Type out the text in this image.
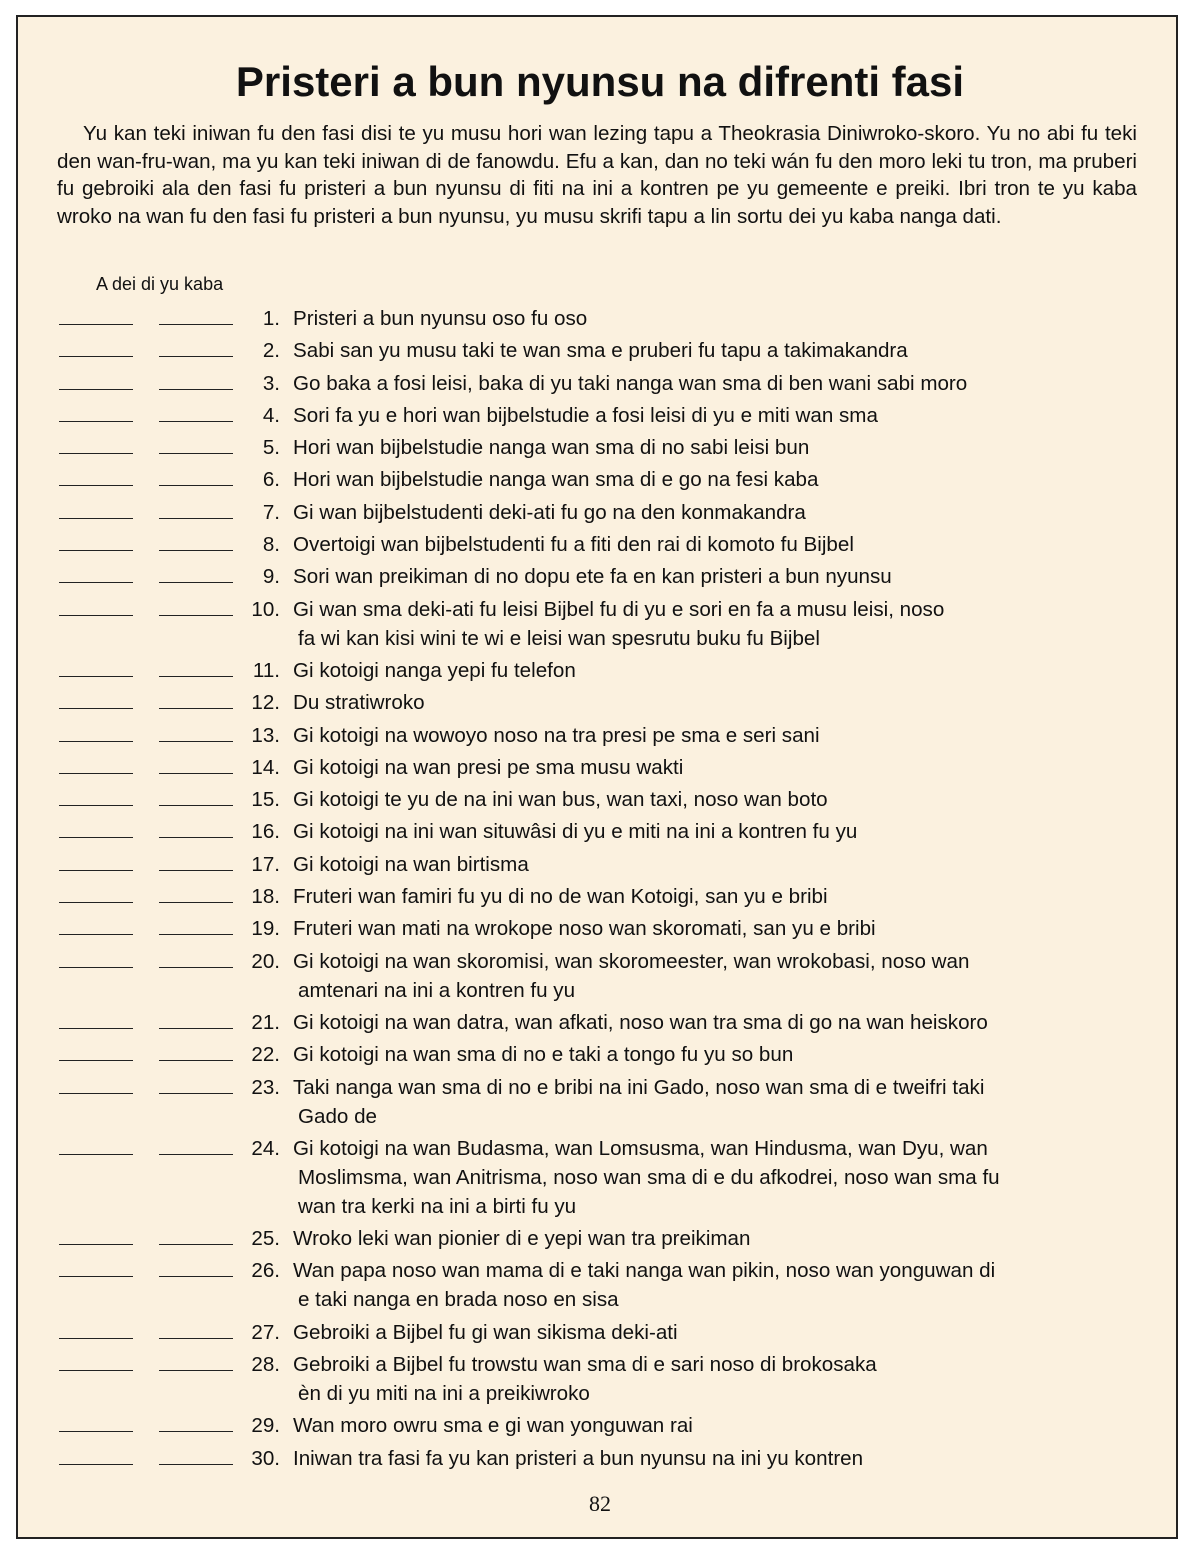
Pristeri a bun nyunsu na difrenti fasi

Yu kan teki iniwan fu den fasi disi te yu musu hori wan lezing tapu a Theokrasia Diniwroko-skoro. Yu no abi fu teki den wan-fru-wan, ma yu kan teki iniwan di de fanowdu. Efu a kan, dan no teki wán fu den moro leki tu tron, ma pruberi fu gebroiki ala den fasi fu pristeri a bun nyunsu di fiti na ini a kontren pe yu gemeente e preiki. Ibri tron te yu kaba wroko na wan fu den fasi fu pristeri a bun nyunsu, yu musu skrifi tapu a lin sortu dei yu kaba nanga dati.

A dei di yu kaba
1. Pristeri a bun nyunsu oso fu oso
2. Sabi san yu musu taki te wan sma e pruberi fu tapu a takimakandra
3. Go baka a fosi leisi, baka di yu taki nanga wan sma di ben wani sabi moro
4. Sori fa yu e hori wan bijbelstudie a fosi leisi di yu e miti wan sma
5. Hori wan bijbelstudie nanga wan sma di no sabi leisi bun
6. Hori wan bijbelstudie nanga wan sma di e go na fesi kaba
7. Gi wan bijbelstudenti deki-ati fu go na den konmakandra
8. Overtoigi wan bijbelstudenti fu a fiti den rai di komoto fu Bijbel
9. Sori wan preikiman di no dopu ete fa en kan pristeri a bun nyunsu
10. Gi wan sma deki-ati fu leisi Bijbel fu di yu e sori en fa a musu leisi, noso
fa wi kan kisi wini te wi e leisi wan spesrutu buku fu Bijbel
11. Gi kotoigi nanga yepi fu telefon
12. Du stratiwroko
13. Gi kotoigi na wowoyo noso na tra presi pe sma e seri sani
14. Gi kotoigi na wan presi pe sma musu wakti
15. Gi kotoigi te yu de na ini wan bus, wan taxi, noso wan boto
16. Gi kotoigi na ini wan situwâsi di yu e miti na ini a kontren fu yu
17. Gi kotoigi na wan birtisma
18. Fruteri wan famiri fu yu di no de wan Kotoigi, san yu e bribi
19. Fruteri wan mati na wrokope noso wan skoromati, san yu e bribi
20. Gi kotoigi na wan skoromisi, wan skoromeester, wan wrokobasi, noso wan
amtenari na ini a kontren fu yu
21. Gi kotoigi na wan datra, wan afkati, noso wan tra sma di go na wan heiskoro
22. Gi kotoigi na wan sma di no e taki a tongo fu yu so bun
23. Taki nanga wan sma di no e bribi na ini Gado, noso wan sma di e tweifri taki
Gado de
24. Gi kotoigi na wan Budasma, wan Lomsusma, wan Hindusma, wan Dyu, wan
Moslimsma, wan Anitrisma, noso wan sma di e du afkodrei, noso wan sma fu
wan tra kerki na ini a birti fu yu
25. Wroko leki wan pionier di e yepi wan tra preikiman
26. Wan papa noso wan mama di e taki nanga wan pikin, noso wan yonguwan di
e taki nanga en brada noso en sisa
27. Gebroiki a Bijbel fu gi wan sikisma deki-ati
28. Gebroiki a Bijbel fu trowstu wan sma di e sari noso di brokosaka
èn di yu miti na ini a preikiwroko
29. Wan moro owru sma e gi wan yonguwan rai
30. Iniwan tra fasi fa yu kan pristeri a bun nyunsu na ini yu kontren
82
